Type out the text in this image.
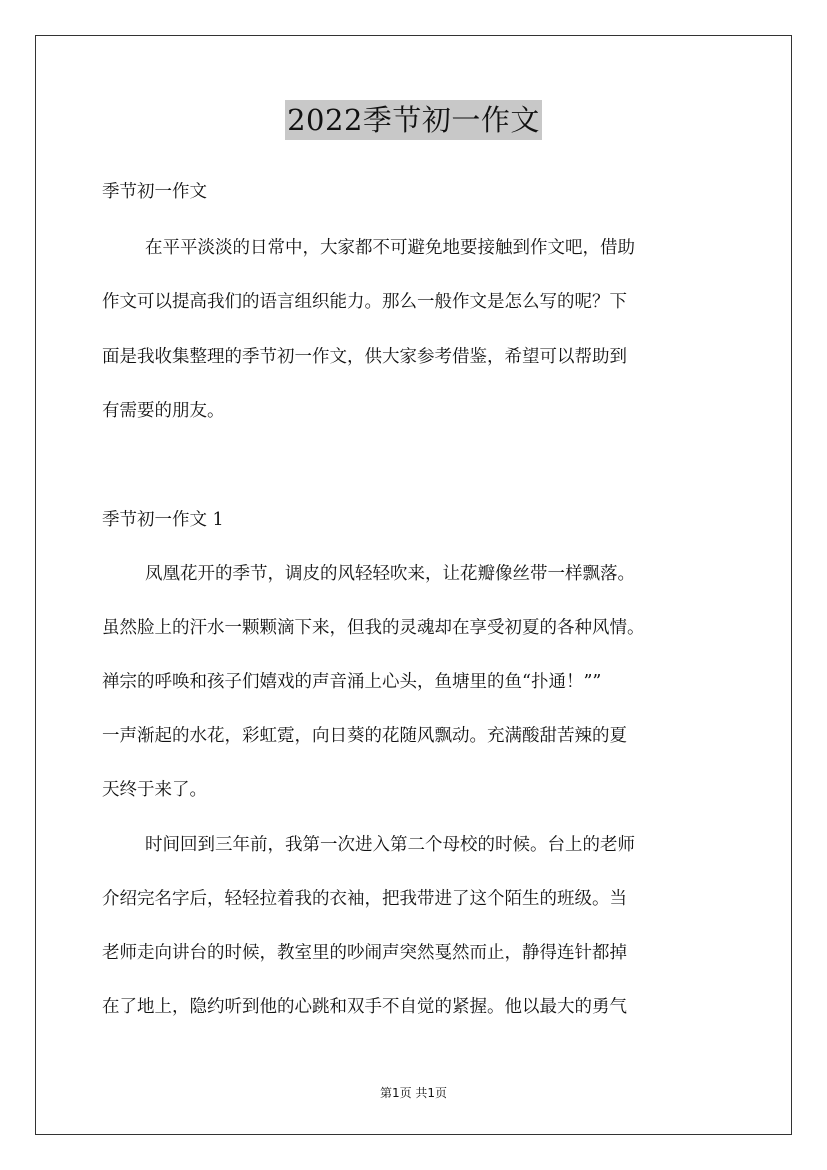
2022季节初一作文
季节初一作文
在平平淡淡的日常中，大家都不可避免地要接触到作文吧，借助
作文可以提高我们的语言组织能力。那么一般作文是怎么写的呢？下
面是我收集整理的季节初一作文，供大家参考借鉴，希望可以帮助到
有需要的朋友。
季节初一作文 1
凤凰花开的季节，调皮的风轻轻吹来，让花瓣像丝带一样飘落。
虽然脸上的汗水一颗颗滴下来，但我的灵魂却在享受初夏的各种风情。
禅宗的呼唤和孩子们嬉戏的声音涌上心头，鱼塘里的鱼“扑通！””
一声渐起的水花，彩虹霓，向日葵的花随风飘动。充满酸甜苦辣的夏
天终于来了。
时间回到三年前，我第一次进入第二个母校的时候。台上的老师
介绍完名字后，轻轻拉着我的衣袖，把我带进了这个陌生的班级。当
老师走向讲台的时候，教室里的吵闹声突然戛然而止，静得连针都掉
在了地上，隐约听到他的心跳和双手不自觉的紧握。他以最大的勇气
第1页 共1页
